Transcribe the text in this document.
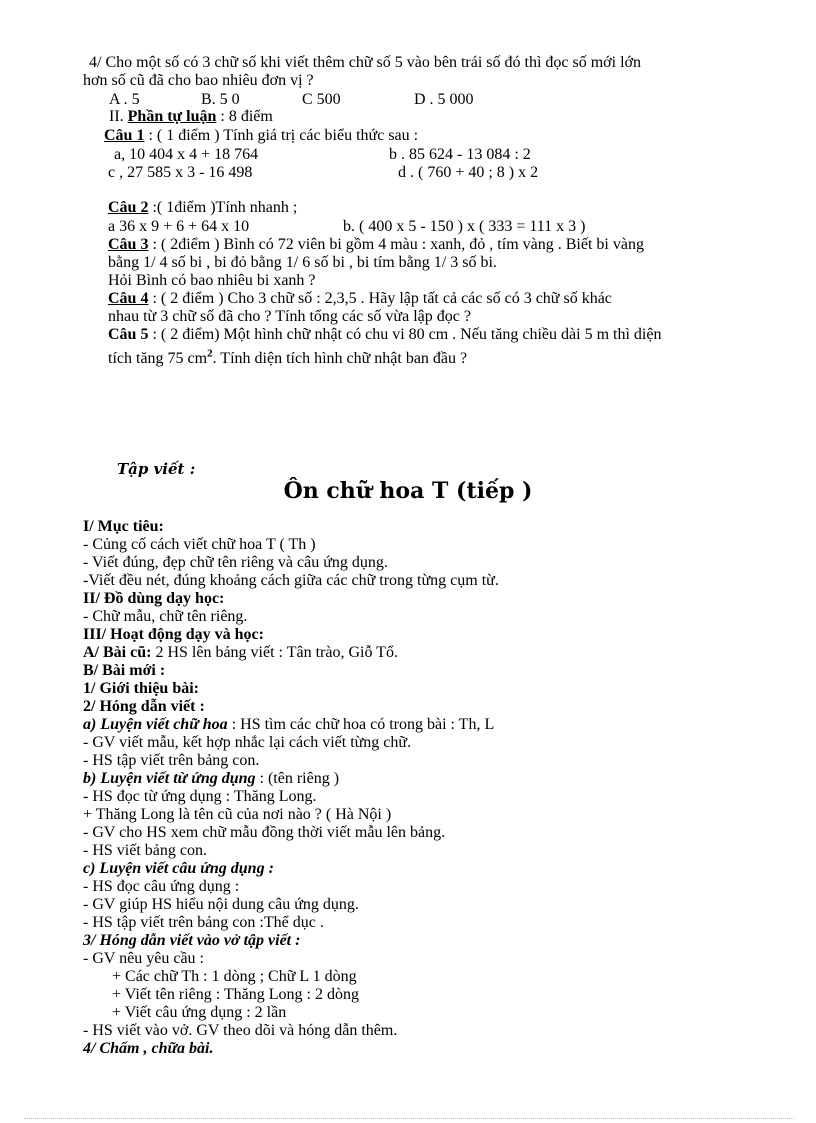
4/ Cho một số có 3 chữ số khi viết thêm chữ số 5 vào bên trái số đó thì đọc số mới lớn
hơn số cũ đã cho bao nhiêu đơn vị ?
A . 5	B. 5 0	C 500	D . 5 000
II. Phần tự luận : 8 điểm
Câu 1 : ( 1 điểm ) Tính giá trị các biểu thức sau :
a, 10 404 x 4 + 18 764	b . 85 624 - 13 084 : 2
c , 27 585 x 3 - 16 498	d . ( 760 + 40 ; 8 ) x 2
Câu 2 :( 1điểm )Tính nhanh ;
a 36 x 9 + 6 + 64 x 10	b. ( 400 x 5 - 150 ) x ( 333 = 111 x 3 )
Câu 3 : ( 2điểm ) Bình có 72 viên bi gồm 4 màu : xanh, đỏ , tím vàng . Biết bi vàng
bằng 1/ 4 số bi , bi đỏ bằng 1/ 6 số bi , bi tím bằng 1/ 3 số bi.
Hỏi Bình có bao nhiêu bi xanh ?
Câu 4 : ( 2 điểm ) Cho 3 chữ số : 2,3,5 . Hãy lập tất cả các số có 3 chữ số khác
nhau từ 3 chữ số đã cho ? Tính tổng các số vừa lập đọc ?
Câu 5 : ( 2 điểm) Một hình chữ nhật có chu vi 80 cm . Nếu tăng chiều dài 5 m thì diện
tích tăng 75 $cm^2$. Tính diện tích hình chữ nhật ban đầu ?
Tập viết :
Ôn chữ hoa T (tiếp )
I/ Mục tiêu:
- Củng cố cách viết chữ hoa T ( Th )
- Viết đúng, đẹp chữ tên riêng và câu ứng dụng.
-Viết đều nét, đúng khoảng cách giữa các chữ trong từng cụm từ.
II/ Đồ dùng dạy học:
- Chữ mẫu, chữ tên riêng.
III/ Hoạt động dạy và học:
A/ Bài cũ: 2 HS lên bảng viết : Tân trào, Giỗ Tổ.
B/ Bài mới :
1/ Giới thiệu bài:
2/ Hóng dẫn viết :
a) Luyện viết chữ hoa : HS tìm các chữ hoa có trong bài : Th, L
- GV viết mẫu, kết hợp nhắc lại cách viết từng chữ.
- HS tập viết trên bảng con.
b) Luyện viết từ ứng dụng : (tên riêng )
- HS đọc từ ứng dụng : Thăng Long.
+ Thăng Long là tên cũ của nơi nào ? ( Hà Nội )
- GV cho HS xem chữ mẫu đồng thời viết mẫu lên bảng.
- HS viết bảng con.
c) Luyện viết câu ứng dụng :
- HS đọc câu ứng dụng :
- GV giúp HS hiểu nội dung câu ứng dụng.
- HS tập viết trên bảng con :Thể dục .
3/ Hóng dẫn viết vào vở tập viết :
- GV nêu yêu cầu :
+ Các chữ Th : 1 dòng ; Chữ L 1 dòng
+ Viết tên riêng : Thăng Long : 2 dòng
+ Viết câu ứng dụng : 2 lần
- HS viết vào vở. GV theo dõi và hóng dẫn thêm.
4/ Chấm , chữa bài.
